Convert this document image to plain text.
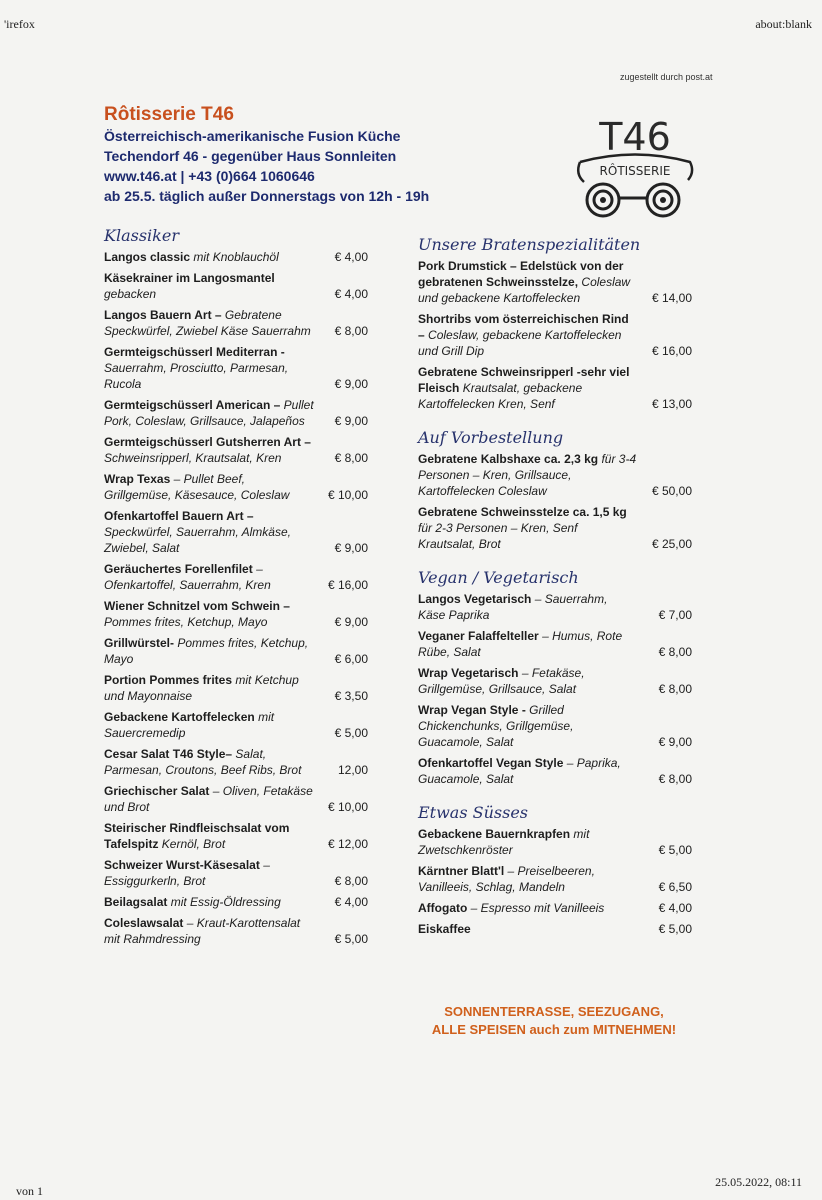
'irefox	about:blank
von 1
25.05.2022, 08:11
zugestellt durch post.at
Rôtisserie T46
Österreichisch-amerikanische Fusion Küche
Techendorf 46 - gegenüber Haus Sonnleiten
www.t46.at | +43 (0)664 1060646
ab 25.5. täglich außer Donnerstags von 12h - 19h
T46
RÔTISSERIE
Klassiker
Langos classic mit Knoblauchöl	€ 4,00
Käsekrainer im Langosmantel gebacken	€ 4,00
Langos Bauern Art – Gebratene Speckwürfel, Zwiebel Käse Sauerrahm € 8,00
Germteigschüsserl Mediterran - Sauerrahm, Prosciutto, Parmesan, Rucola	€ 9,00
Germteigschüsserl American – Pullet Pork, Coleslaw, Grillsauce, Jalapeños € 9,00
Germteigschüsserl Gutsherren Art – Schweinsripperl, Krautsalat, Kren	€ 8,00
Wrap Texas – Pullet Beef, Grillgemüse, Käsesauce, Coleslaw	€ 10,00
Ofenkartoffel Bauern Art – Speckwürfel, Sauerrahm, Almkäse, Zwiebel, Salat	€ 9,00
Geräuchertes Forellenfilet – Ofenkartoffel, Sauerrahm, Kren	€ 16,00
Wiener Schnitzel vom Schwein – Pommes frites, Ketchup, Mayo	€ 9,00
Grillwürstel- Pommes frites, Ketchup, Mayo	€ 6,00
Portion Pommes frites mit Ketchup und Mayonnaise	€ 3,50
Gebackene Kartoffelecken mit Sauercremedip	€ 5,00
Cesar Salat T46 Style– Salat, Parmesan, Croutons, Beef Ribs, Brot	12,00
Griechischer Salat – Oliven, Fetakäse und Brot	€ 10,00
Steirischer Rindfleischsalat vom Tafelspitz Kernöl, Brot	€ 12,00
Schweizer Wurst-Käsesalat – Essiggurkerln, Brot	€ 8,00
Beilagsalat mit Essig-Öldressing	€ 4,00
Coleslawsalat – Kraut-Karottensalat mit Rahmdressing	€ 5,00
Unsere Bratenspezialitäten
Pork Drumstick – Edelstück von der gebratenen Schweinsstelze, Coleslaw und gebackene Kartoffelecken	€ 14,00
Shortribs vom österreichischen Rind – Coleslaw, gebackene Kartoffelecken und Grill Dip	€ 16,00
Gebratene Schweinsripperl -sehr viel Fleisch Krautsalat, gebackene Kartoffelecken Kren, Senf	€ 13,00
Auf Vorbestellung
Gebratene Kalbshaxe ca. 2,3 kg für 3-4 Personen – Kren, Grillsauce, Kartoffelecken Coleslaw	€ 50,00
Gebratene Schweinsstelze ca. 1,5 kg für 2-3 Personen – Kren, Senf Krautsalat, Brot	€ 25,00
Vegan / Vegetarisch
Langos Vegetarisch – Sauerrahm, Käse Paprika	€ 7,00
Veganer Falaffelteller – Humus, Rote Rübe, Salat	€ 8,00
Wrap Vegetarisch – Fetakäse, Grillgemüse, Grillsauce, Salat	€ 8,00
Wrap Vegan Style - Grilled Chickenchunks, Grillgemüse, Guacamole, Salat	€ 9,00
Ofenkartoffel Vegan Style – Paprika, Guacamole, Salat	€ 8,00
Etwas Süsses
Gebackene Bauernkrapfen mit Zwetschkenröster	€ 5,00
Kärntner Blatt'l – Preiselbeeren, Vanilleeis, Schlag, Mandeln	€ 6,50
Affogato – Espresso mit Vanilleeis	€ 4,00
Eiskaffee	€ 5,00
SONNENTERRASSE, SEEZUGANG,
ALLE SPEISEN auch zum MITNEHMEN!
